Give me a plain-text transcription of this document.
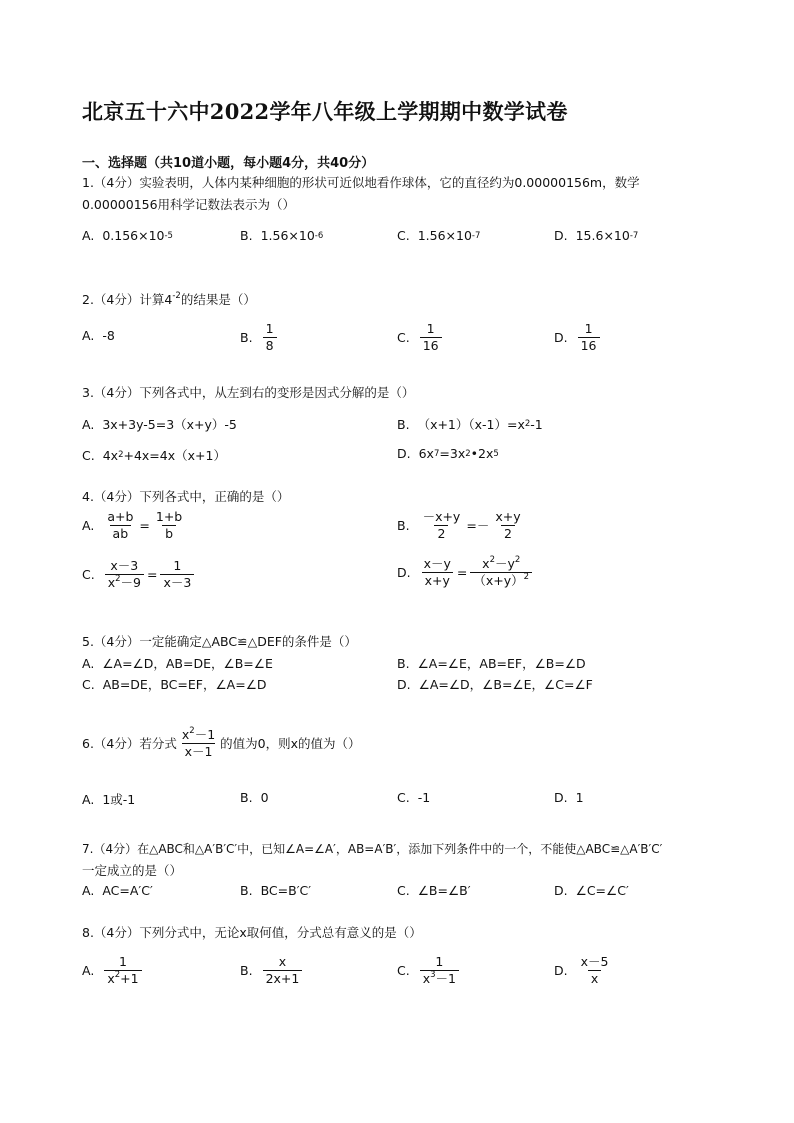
北京五十六中2022学年八年级上学期期中数学试卷
一、选择题（共10道小题，每小题4分，共40分）
1.（4分）实验表明，人体内某种细胞的形状可近似地看作球体，它的直径约为0.00000156m，数学
0.00000156用科学记数法表示为（）
A. 0.156×10 -5	B. 1.56×10 -6	C. 1.56×10 -7	D. 15.6×10 -7
2.（4分）计算$4^{-2}$的结果是（）
A. -8	B. $\frac{1}{8}$	C. $\frac{1}{16}$	D. $\frac{1}{16}$
3.（4分）下列各式中，从左到右的变形是因式分解的是（）
A. 3x+3y-5=3（x+y）-5	B. （x+1）（x-1）=x 2 -1
C. 4x 2 +4x=4x（x+1）	D. 6x 7 =3x 2 •2x 5
4.（4分）下列各式中，正确的是（）
A. $\frac{a+b}{ab} = \frac{1+b}{b}$	B. $\frac{-x+y}{2} =- \frac{x+y}{2}$
C. $\frac{x-3}{x^2-9} = \frac{1}{x-3}$	D. $\frac{x-y}{x+y} = \frac{x^2-y^2}{(x+y)^2}$
5.（4分）一定能确定△ABC≌△DEF的条件是（）
A. ∠A=∠D，AB=DE，∠B=∠E	B. ∠A=∠E，AB=EF，∠B=∠D
C. AB=DE，BC=EF，∠A=∠D	D. ∠A=∠D，∠B=∠E，∠C=∠F
6.（4分）若分式 $\frac{x^2-1}{x-1}$ 的值为0，则x的值为（）
A. 1或-1	B. 0	C. -1	D. 1
7.（4分）在△ABC和△A′B′C′中，已知∠A=∠A′，AB=A′B′，添加下列条件中的一个，不能使△ABC≌△A′B′C′
一定成立的是（）
A. AC=A′C′	B. BC=B′C′	C. ∠B=∠B′	D. ∠C=∠C′
8.（4分）下列分式中，无论x取何值，分式总有意义的是（）
A. $\frac{1}{x^2+1}$	B. $\frac{x}{2x+1}$	C. $\frac{1}{x^3-1}$	D. $\frac{x-5}{x}$
